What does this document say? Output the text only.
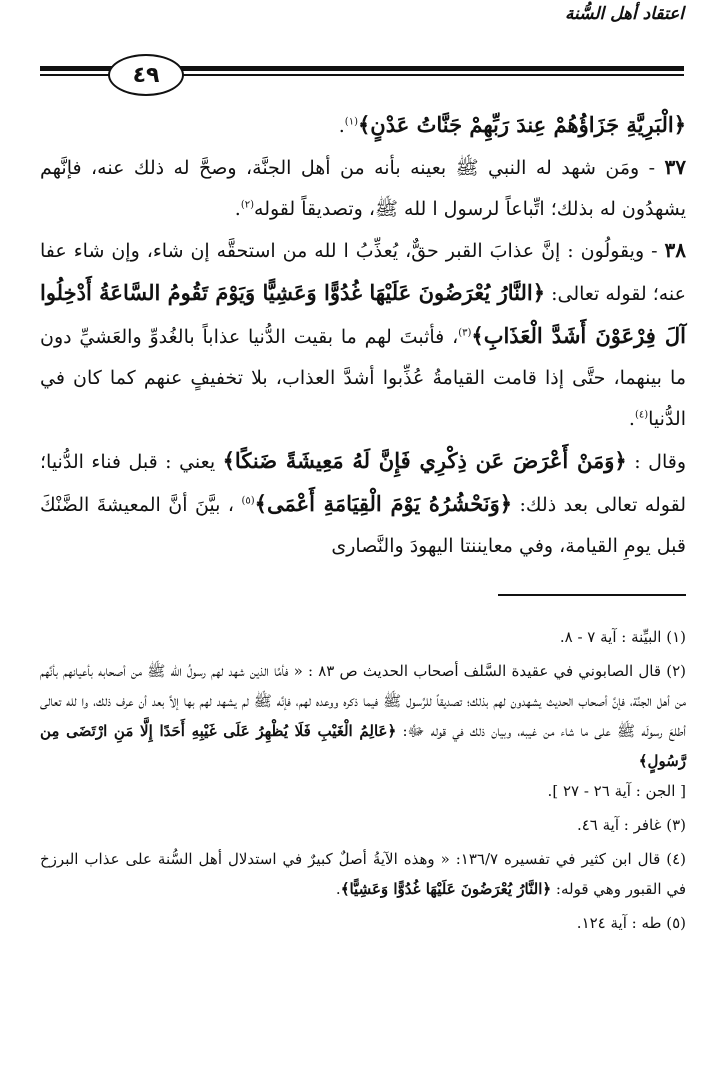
اعتقاد أهل السُّنة
٤٩

﴿الْبَرِيَّةِ جَزَاؤُهُمْ عِندَ رَبِّهِمْ جَنَّاتُ عَدْنٍ﴾$^{(١)}$.

٣٧ - ومَن شهد له النبي ﷺ بعينه بأنه من أهل الجنَّة، وصحَّ له ذلك عنه، فإنَّهم يشهدُون له بذلك؛ اتِّباعاً لرسول ا لله ﷺ، وتصديقاً لقوله$^{(٢)}$.

٣٨ - ويقولُون : إنَّ عذابَ القبر حقٌّ، يُعذِّبُ ا لله من استحقَّه إن شاء، وإن شاء عفا عنه؛ لقوله تعالى: ﴿النَّارُ يُعْرَضُونَ عَلَيْهَا غُدُوًّا وَعَشِيًّا وَيَوْمَ تَقُومُ السَّاعَةُ أَدْخِلُوا آلَ فِرْعَوْنَ أَشَدَّ الْعَذَابِ﴾$^{(٣)}$، فأثبتَ لهم ما بقيت الدُّنيا عذاباً بالغُدوِّ والعَشيِّ دون ما بينهما، حتَّى إذا قامت القيامةُ عُذِّبوا أشدَّ العذاب، بلا تخفيفٍ عنهم كما كان في الدُّنيا$^{(٤)}$.

وقال : ﴿وَمَنْ أَعْرَضَ عَن ذِكْرِي فَإِنَّ لَهُ مَعِيشَةً ضَنكًا﴾ يعني : قبل فناء الدُّنيا؛ لقوله تعالى بعد ذلك: ﴿وَنَحْشُرُهُ يَوْمَ الْقِيَامَةِ أَعْمَى﴾$^{(٥)}$ ، بيَّنَ أنَّ المعيشةَ الضَّنْكَ قبل يومِ القيامة، وفي معايننتا اليهودَ والنَّصارى

(١) البيِّنة : آية ٧ - ٨.

(٢) قال الصابوني في عقيدة السَّلف أصحاب الحديث ص ٨٣ : « فأمَّا الذين شهد لهم رسولُ الله ﷺ من أصحابه بأعيانهم بأنَّهم من أهل الجنَّة، فإنَّ أصحاب الحديث يشهدون لهم بذلك؛ تصديقاً للرَّسول ﷺ فيما ذكره ووعده لهم، فإنَّه ﷺ لم يشهد لهم بها إلاَّ بعد أن عرف ذلك، وا لله تعالى أطلعَ رسولَه ﷺ على ما شاء من غيبه، وبيان ذلك في قوله ﷻ: ﴿عَالِمُ الْغَيْبِ فَلَا يُظْهِرُ عَلَى غَيْبِهِ أَحَدًا إِلَّا مَنِ ارْتَضَى مِن رَّسُولٍ﴾
[ الجن : آية ٢٦ - ٢٧ ].

(٣) غافر : آية ٤٦.

(٤) قال ابن كثير في تفسيره ١٣٦/٧: « وهذه الآيةُ أصلٌ كبيرٌ في استدلال أهل السُّنة على عذاب البرزخ في القبور وهي قوله: ﴿النَّارُ يُعْرَضُونَ عَلَيْهَا غُدُوًّا وَعَشِيًّا﴾.

(٥) طه : آية ١٢٤.
